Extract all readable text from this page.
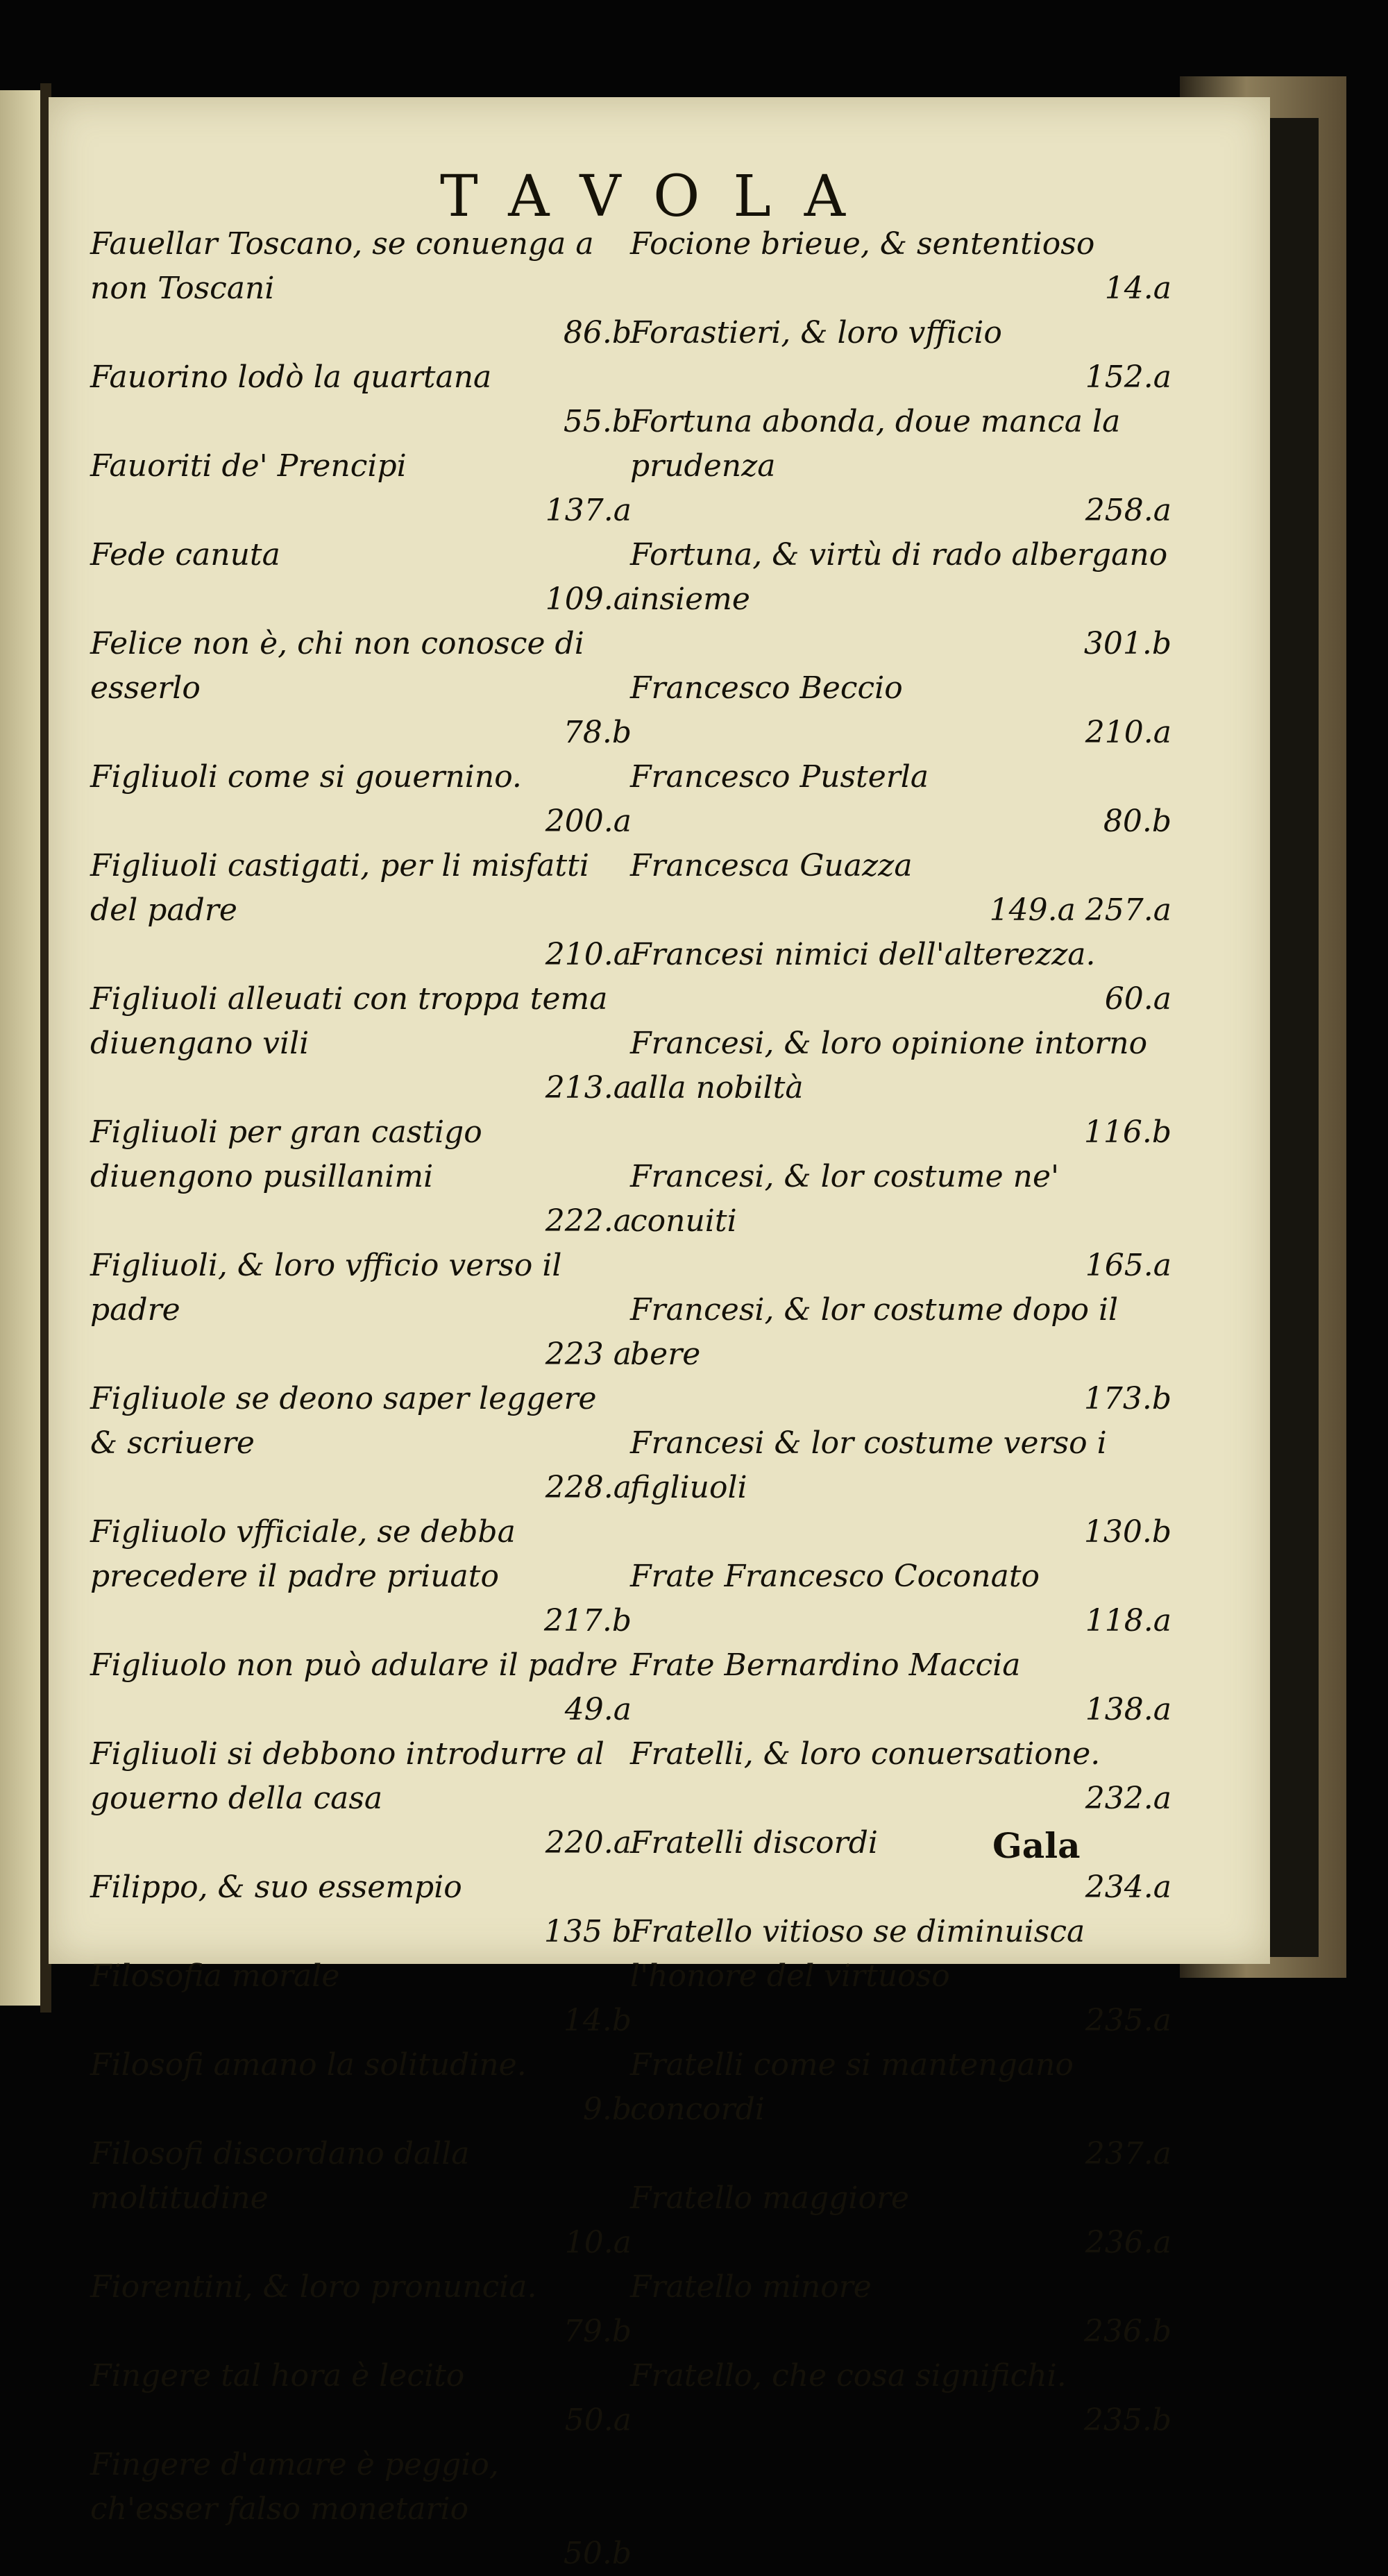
TAVOLA
Fauellar Toscano, se conuenga a non Toscani
86.b
Fauorino lodò la quartana
55.b
Fauoriti de' Prencipi
137.a
Fede canuta
109.a
Felice non è, chi non conosce di esserlo
78.b
Figliuoli come si gouernino.
200.a
Figliuoli castigati, per li misfatti del padre
210.a
Figliuoli alleuati con troppa tema diuengano vili
213.a
Figliuoli per gran castigo diuengono pusillanimi
222.a
Figliuoli, & loro vfficio verso il padre
223 a
Figliuole se deono saper leggere & scriuere
228.a
Figliuolo vfficiale, se debba precedere il padre priuato
217.b
Figliuolo non può adulare il padre
49.a
Figliuoli si debbono introdurre al gouerno della casa
220.a
Filippo, & suo essempio
135 b
Filosofia morale
14.b
Filosofi amano la solitudine.
9.b
Filosofi discordano dalla moltitudine
10.a
Fiorentini, & loro pronuncia.
79.b
Fingere tal hora è lecito
50.a
Fingere d'amare è peggio, ch'esser falso monetario
50.b
Focione brieue, & sententioso
14.a
Forastieri, & loro vfficio
152.a
Fortuna abonda, doue manca la prudenza
258.a
Fortuna, & virtù di rado albergano insieme
301.b
Francesco Beccio
210.a
Francesco Pusterla
80.b
Francesca Guazza
149.a 257.a
Francesi nimici dell'alterezza.
60.a
Francesi, & loro opinione intorno alla nobiltà
116.b
Francesi, & lor costume ne' conuiti
165.a
Francesi, & lor costume dopo il bere
173.b
Francesi & lor costume verso i figliuoli
130.b
Frate Francesco Coconato
118.a
Frate Bernardino Maccia
138.a
Fratelli, & loro conuersatione.
232.a
Fratelli discordi
234.a
Fratello vitioso se diminuisca l'honore del virtuoso
235.a
Fratelli come si mantengano concordi
237.a
Fratello maggiore
236.a
Fratello minore
236.b
Fratello, che cosa significhi.
235.b
Gala
